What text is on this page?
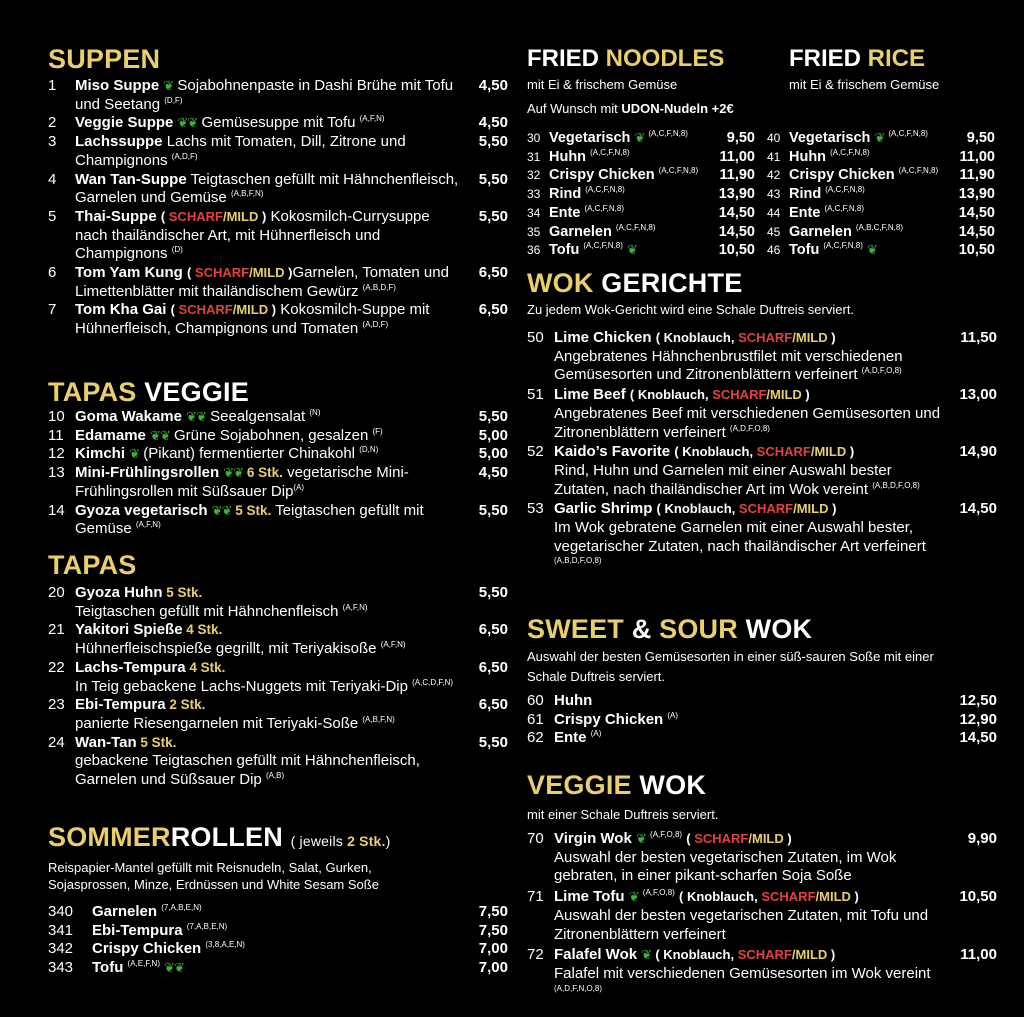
SUPPEN
1	Miso Suppe ❦ Sojabohnenpaste in Dashi Brühe mit Tofu und Seetang $^{(D,F)}$
4,50
2	Veggie Suppe ❦❦ Gemüsesuppe mit Tofu $^{(A,F,N)}$	4,50
3	Lachssuppe Lachs mit Tomaten, Dill, Zitrone und Champignons $^{(A,D,F)}$
5,50
4	Wan Tan-Suppe Teigtaschen gefüllt mit Hähnchenfleisch, Garnelen und Gemüse $^{(A,B,F,N)}$
5,50
5	Thai-Suppe ( SCHARF/MILD ) Kokosmilch-Currysuppe nach thailändischer Art, mit Hühnerfleisch und Champignons $^{(D)}$
5,50
6	Tom Yam Kung ( SCHARF/MILD )Garnelen, Tomaten und Limettenblätter mit thailändischem Gewürz $^{(A,B,D,F)}$
6,50
7	Tom Kha Gai ( SCHARF/MILD ) Kokosmilch-Suppe mit Hühnerfleisch, Champignons und Tomaten $^{(A,D,F)}$
6,50
TAPAS VEGGIE
10 Goma Wakame ❦❦ Seealgensalat $^{(N)}$	5,50
11 Edamame ❦❦ Grüne Sojabohnen, gesalzen $^{(F)}$	5,00
12 Kimchi ❦ (Pikant) fermentierter Chinakohl $^{(D,N)}$	5,00
13 Mini-Frühlingsrollen ❦❦ 6 Stk. vegetarische Mini-Frühlingsrollen mit Süßsauer Dip$^{(A)}$
4,50
14 Gyoza vegetarisch ❦❦ 5 Stk. Teigtaschen gefüllt mit Gemüse $^{(A,F,N)}$
5,50
TAPAS
20 Gyoza Huhn 5 Stk.
Teigtaschen gefüllt mit Hähnchenfleisch $^{(A,F,N)}$
5,50
21 Yakitori Spieße 4 Stk.
Hühnerfleischspieße gegrillt, mit Teriyakisoße $^{(A,F,N)}$
6,50
22 Lachs-Tempura 4 Stk.
In Teig gebackene Lachs-Nuggets mit Teriyaki-Dip $^{(A,C,D,F,N)}$
6,50
23 Ebi-Tempura 2 Stk.
panierte Riesengarnelen mit Teriyaki-Soße $^{(A,B,F,N)}$
6,50
24 Wan-Tan 5 Stk.
gebackene Teigtaschen gefüllt mit Hähnchenfleisch, Garnelen und Süßsauer Dip $^{(A,B)}$
5,50
SOMMERROLLEN ( jeweils 2 Stk.)

Reispapier-Mantel gefüllt mit Reisnudeln, Salat, Gurken, Sojasprossen, Minze, Erdnüssen und White Sesam Soße

340	Garnelen $^{(7,A,B,E,N)}$	7,50
341	Ebi-Tempura $^{(7,A,B,E,N)}$	7,50
342	Crispy Chicken $^{(3,8,A,E,N)}$	7,00
343	Tofu $^{(A,E,F,N)}$ ❦❦	7,00
FRIED NOODLES

mit Ei & frischem Gemüse

Auf Wunsch mit UDON-Nudeln +2€

FRIED RICE

mit Ei & frischem Gemüse

30 Vegetarisch ❦ $^{(A,C,F,N,8)}$	9,50
31 Huhn $^{(A,C,F,N,8)}$	11,00
32 Crispy Chicken $^{(A,C,F,N,8)}$	11,90
33 Rind $^{(A,C,F,N,8)}$	13,90
34 Ente $^{(A,C,F,N,8)}$	14,50
35 Garnelen $^{(A,C,F,N,8)}$	14,50
36 Tofu $^{(A,C,F,N,8)}$ ❦	10,50
40 Vegetarisch ❦ $^{(A,C,F,N,8)}$	9,50
41 Huhn $^{(A,C,F,N,8)}$	11,00
42 Crispy Chicken $^{(A,C,F,N,8)}$	11,90
43 Rind $^{(A,C,F,N,8)}$	13,90
44 Ente $^{(A,C,F,N,8)}$	14,50
45 Garnelen $^{(A,B,C,F,N,8)}$	14,50
46 Tofu $^{(A,C,F,N,8)}$ ❦	10,50
WOK GERICHTE

Zu jedem Wok-Gericht wird eine Schale Duftreis serviert.

50 Lime Chicken ( Knoblauch, SCHARF/MILD )
Angebratenes Hähnchenbrustfilet mit verschiedenen Gemüsesorten und Zitronenblättern verfeinert $^{(A,D,F,O,8)}$
11,50
51 Lime Beef ( Knoblauch, SCHARF/MILD )
Angebratenes Beef mit verschiedenen Gemüsesorten und Zitronenblättern verfeinert $^{(A,D,F,O,8)}$
13,00
52 Kaido’s Favorite ( Knoblauch, SCHARF/MILD )
Rind, Huhn und Garnelen mit einer Auswahl bester Zutaten, nach thailändischer Art im Wok vereint $^{(A,B,D,F,O,8)}$
14,90
53 Garlic Shrimp ( Knoblauch, SCHARF/MILD )
Im Wok gebratene Garnelen mit einer Auswahl bester, vegetarischer Zutaten, nach thailändischer Art verfeinert $^{(A,B,D,F,O,8)}$
14,50
SWEET & SOUR WOK

Auswahl der besten Gemüsesorten in einer süß-sauren Soße mit einer Schale Duftreis serviert.

60 Huhn	12,50
61 Crispy Chicken $^{(A)}$	12,90
62 Ente $^{(A)}$	14,50
VEGGIE WOK

mit einer Schale Duftreis serviert.

70 Virgin Wok ❦ $^{(A,F,O,8)}$ ( SCHARF/MILD )
Auswahl der besten vegetarischen Zutaten, im Wok gebraten, in einer pikant-scharfen Soja Soße
9,90
71 Lime Tofu ❦ $^{(A,F,O,8)}$ ( Knoblauch, SCHARF/MILD )
Auswahl der besten vegetarischen Zutaten, mit Tofu und Zitronenblättern verfeinert
10,50
72 Falafel Wok ❦ ( Knoblauch, SCHARF/MILD )
Falafel mit verschiedenen Gemüsesorten im Wok vereint $^{(A,D,F,N,O,8)}$
11,00
